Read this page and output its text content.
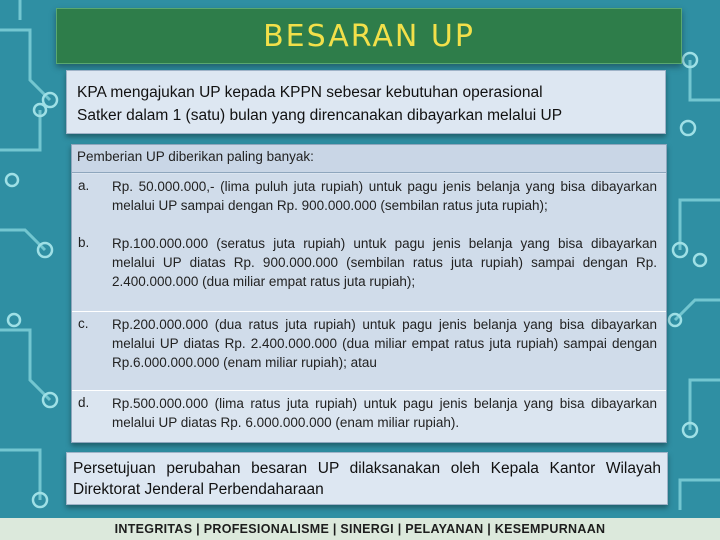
BESARAN UP
KPA mengajukan UP kepada KPPN sebesar kebutuhan operasional
Satker dalam 1 (satu) bulan yang direncanakan dibayarkan melalui UP
Pemberian UP diberikan paling banyak:
a. Rp. 50.000.000,- (lima puluh juta rupiah) untuk pagu jenis belanja yang bisa dibayarkan melalui UP sampai dengan Rp. 900.000.000 (sembilan ratus juta rupiah);
b. Rp.100.000.000 (seratus juta rupiah) untuk pagu jenis belanja yang bisa dibayarkan melalui UP diatas Rp. 900.000.000 (sembilan ratus juta rupiah) sampai dengan Rp. 2.400.000.000 (dua miliar empat ratus juta rupiah);
c. Rp.200.000.000 (dua ratus juta rupiah) untuk pagu jenis belanja yang bisa dibayarkan melalui UP diatas Rp. 2.400.000.000 (dua miliar empat ratus juta rupiah) sampai dengan Rp.6.000.000.000 (enam miliar rupiah); atau
d. Rp.500.000.000 (lima ratus juta rupiah) untuk pagu jenis belanja yang bisa dibayarkan melalui UP diatas Rp. 6.000.000.000 (enam miliar rupiah).
Persetujuan perubahan besaran UP dilaksanakan oleh Kepala Kantor Wilayah Direktorat Jenderal Perbendaharaan
INTEGRITAS | PROFESIONALISME | SINERGI | PELAYANAN | KESEMPURNAAN
